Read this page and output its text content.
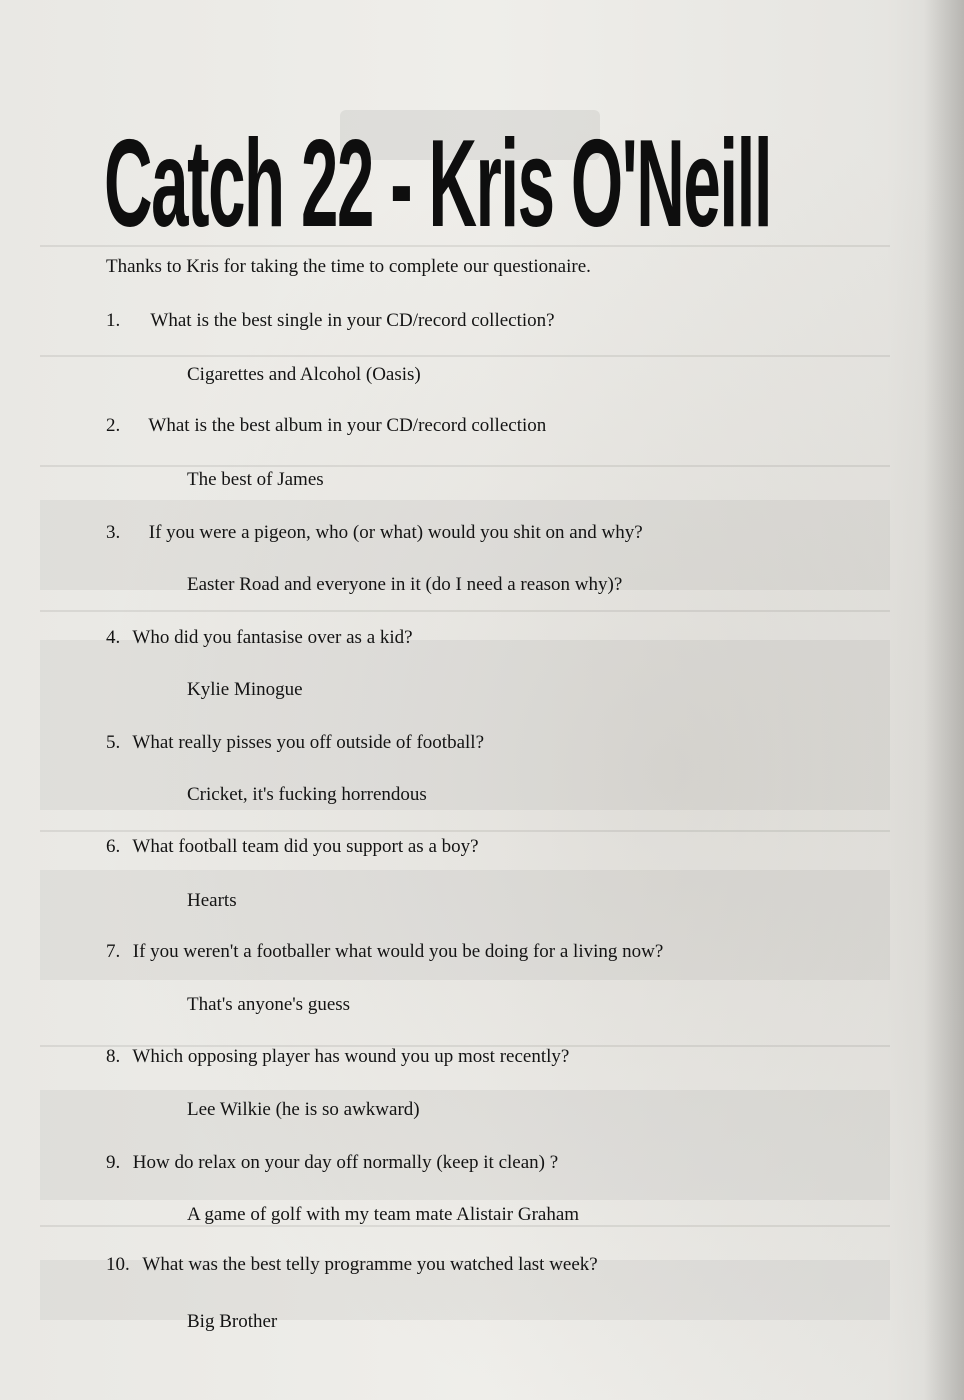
Catch 22 - Kris O'Neill
Thanks to Kris for taking the time to complete our questionaire.
1. What is the best single in your CD/record collection?
Cigarettes and Alcohol (Oasis)
2. What is the best album in your CD/record collection
The best of James
3. If you were a pigeon, who (or what) would you shit on and why?
Easter Road and everyone in it (do I need a reason why)?
4. Who did you fantasise over as a kid?
Kylie Minogue
5. What really pisses you off outside of football?
Cricket, it's fucking horrendous
6. What football team did you support as a boy?
Hearts
7. If you weren't a footballer what would you be doing for a living now?
That's anyone's guess
8. Which opposing player has wound you up most recently?
Lee Wilkie (he is so awkward)
9. How do relax on your day off normally (keep it clean) ?
A game of golf with my team mate Alistair Graham
10. What was the best telly programme you watched last week?
Big Brother
